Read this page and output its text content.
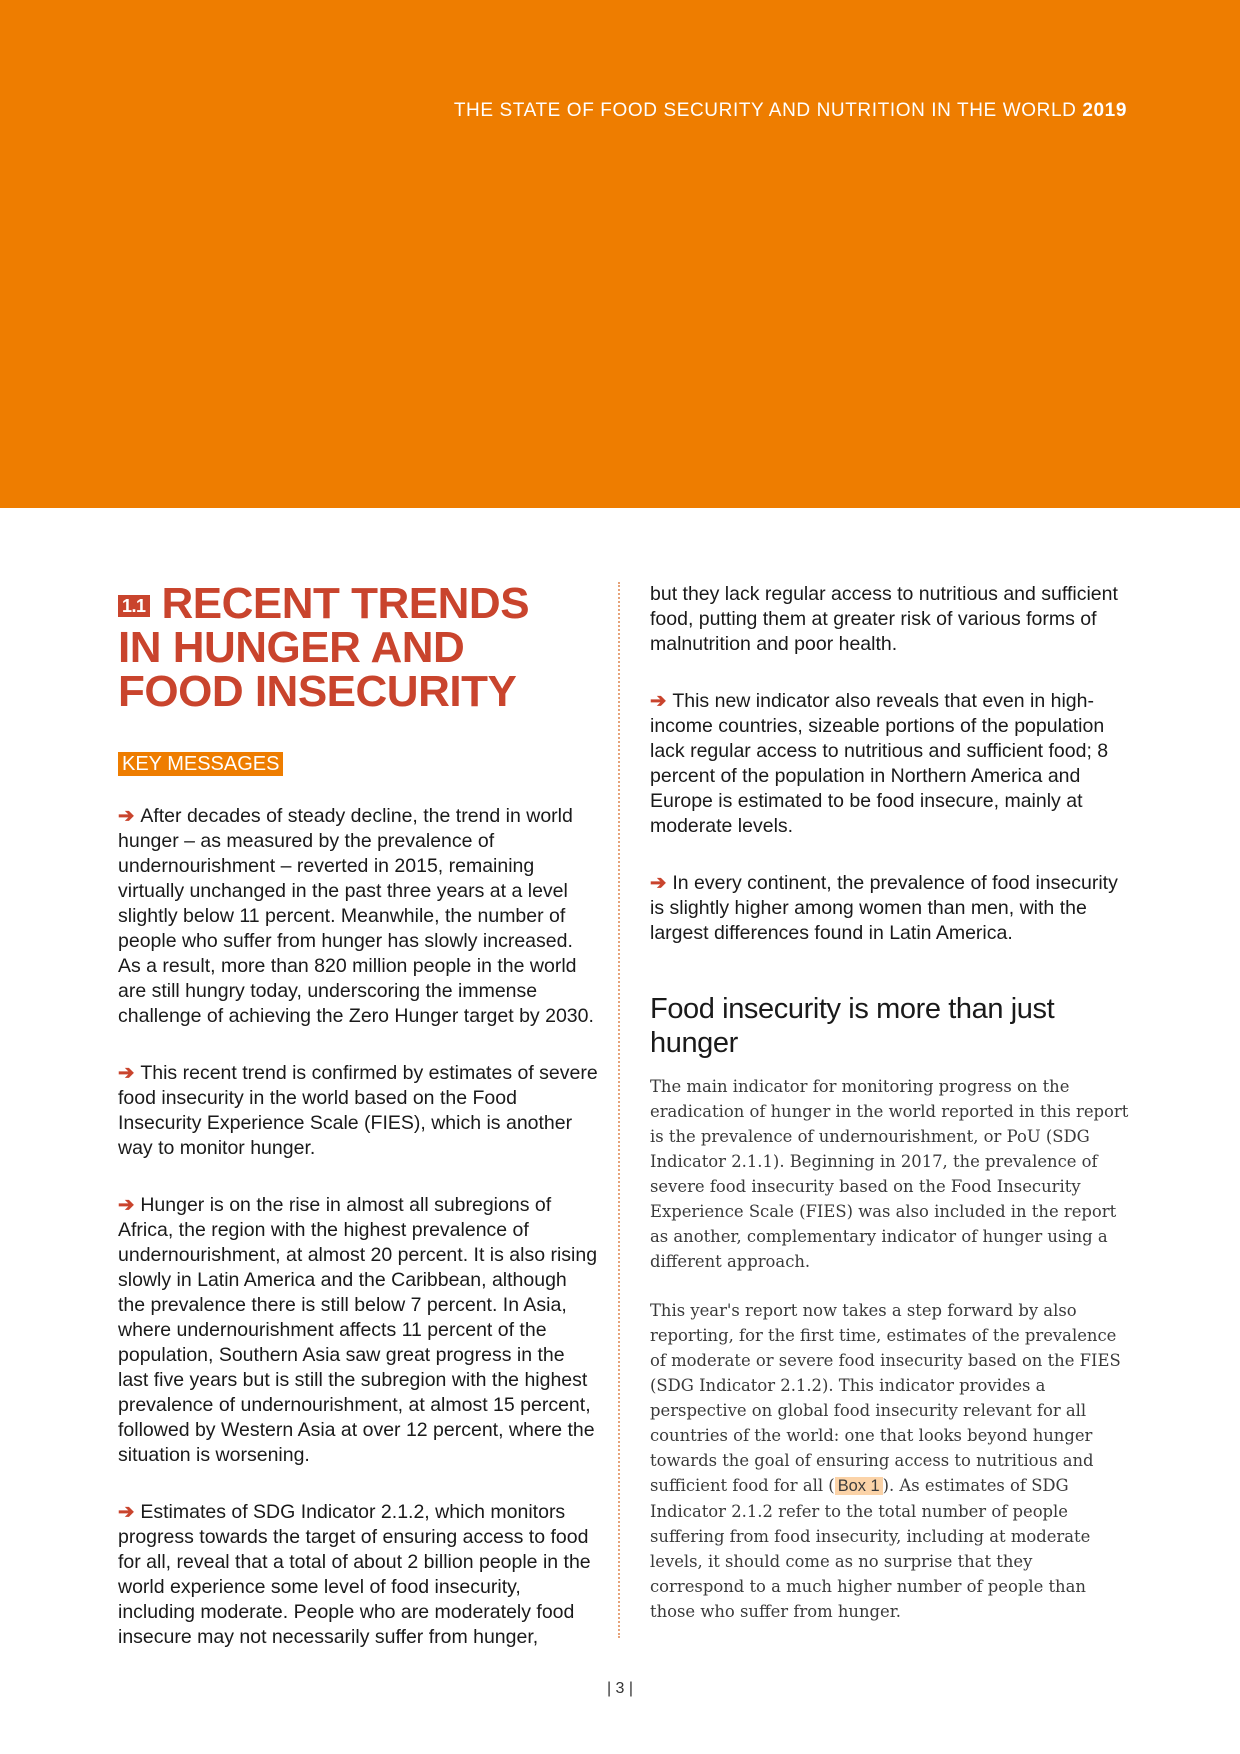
THE STATE OF FOOD SECURITY AND NUTRITION IN THE WORLD 2019
1.1 RECENT TRENDS
IN HUNGER AND
FOOD INSECURITY
KEY MESSAGES

➔ After decades of steady decline, the trend in world hunger – as measured by the prevalence of undernourishment – reverted in 2015, remaining virtually unchanged in the past three years at a level slightly below 11 percent. Meanwhile, the number of people who suffer from hunger has slowly increased. As a result, more than 820 million people in the world are still hungry today, underscoring the immense challenge of achieving the Zero Hunger target by 2030.

➔ This recent trend is confirmed by estimates of severe food insecurity in the world based on the Food Insecurity Experience Scale (FIES), which is another way to monitor hunger.

➔ Hunger is on the rise in almost all subregions of Africa, the region with the highest prevalence of undernourishment, at almost 20 percent. It is also rising slowly in Latin America and the Caribbean, although the prevalence there is still below 7 percent. In Asia, where undernourishment affects 11 percent of the population, Southern Asia saw great progress in the last five years but is still the subregion with the highest prevalence of undernourishment, at almost 15 percent, followed by Western Asia at over 12 percent, where the situation is worsening.

➔ Estimates of SDG Indicator 2.1.2, which monitors progress towards the target of ensuring access to food for all, reveal that a total of about 2 billion people in the world experience some level of food insecurity, including moderate. People who are moderately food insecure may not necessarily suffer from hunger,

but they lack regular access to nutritious and sufficient food, putting them at greater risk of various forms of malnutrition and poor health.

➔ This new indicator also reveals that even in high-income countries, sizeable portions of the population lack regular access to nutritious and sufficient food; 8 percent of the population in Northern America and Europe is estimated to be food insecure, mainly at moderate levels.

➔ In every continent, the prevalence of food insecurity is slightly higher among women than men, with the largest differences found in Latin America.

Food insecurity is more than just hunger

The main indicator for monitoring progress on the eradication of hunger in the world reported in this report is the prevalence of undernourishment, or PoU (SDG Indicator 2.1.1). Beginning in 2017, the prevalence of severe food insecurity based on the Food Insecurity Experience Scale (FIES) was also included in the report as another, complementary indicator of hunger using a different approach.

This year's report now takes a step forward by also reporting, for the first time, estimates of the prevalence of moderate or severe food insecurity based on the FIES (SDG Indicator 2.1.2). This indicator provides a perspective on global food insecurity relevant for all countries of the world: one that looks beyond hunger towards the goal of ensuring access to nutritious and sufficient food for all ( Box 1 ). As estimates of SDG Indicator 2.1.2 refer to the total number of people suffering from food insecurity, including at moderate levels, it should come as no surprise that they correspond to a much higher number of people than those who suffer from hunger.

| 3 |
